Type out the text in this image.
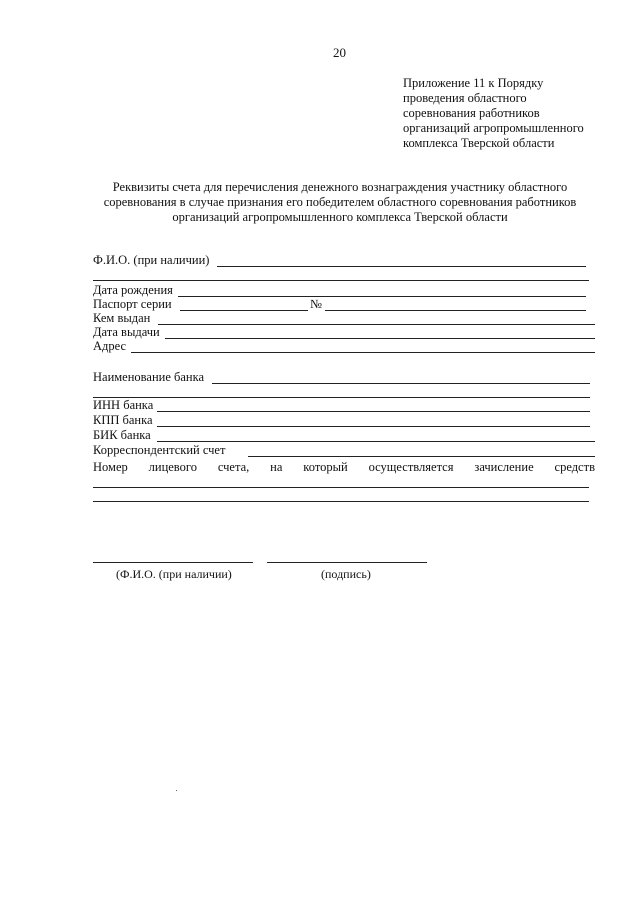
20
Приложение 11 к Порядку
проведения областного
соревнования работников
организаций агропромышленного
комплекса Тверской области
Реквизиты счета для перечисления денежного вознаграждения участнику областного
соревнования в случае признания его победителем областного соревнования работников
организаций агропромышленного комплекса Тверской области
Ф.И.О. (при наличии)
Дата рождения
Паспорт серии	№
Кем выдан
Дата выдачи
Адрес
Наименование банка
ИНН банка
КПП банка
БИК банка
Корреспондентский счет
Номер лицевого счета, на который осуществляется зачисление средств
(Ф.И.О. (при наличии)	(подпись)
